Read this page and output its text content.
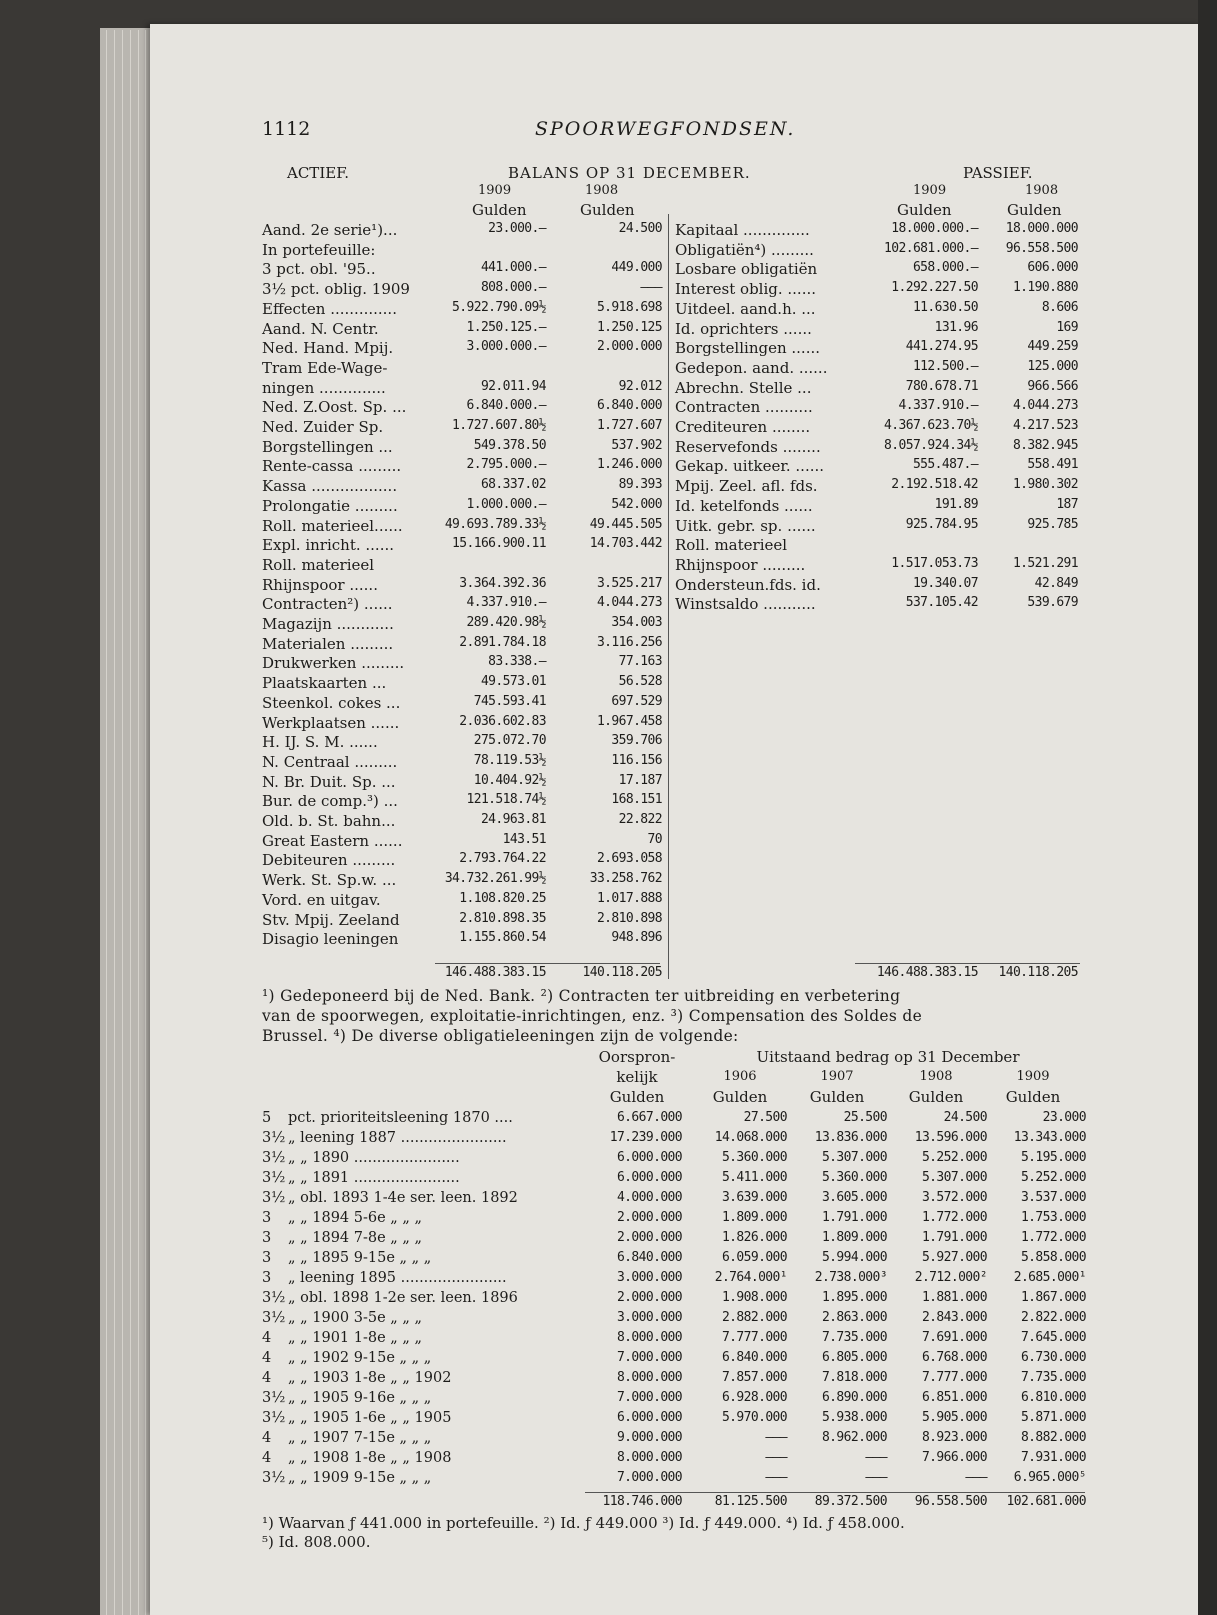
1112	SPOORWEGFONDSEN.
ACTIEF.	BALANS OP 31 DECEMBER.	PASSIEF.
1909	1908	1909	1908
Gulden	Gulden	Gulden	Gulden
Aand. 2e serie¹)...	23.000.—	24.500
In portefeuille:
3 pct. obl. '95..	441.000.—	449.000
3½ pct. oblig. 1909	808.000.—	———
Effecten ..............	5.922.790.09½	5.918.698
Aand. N. Centr.	1.250.125.—	1.250.125
Ned. Hand. Mpij.	3.000.000.—	2.000.000
Tram Ede-Wage-
ningen ..............	92.011.94	92.012
Ned. Z.Oost. Sp. ...	6.840.000.—	6.840.000
Ned. Zuider Sp.	1.727.607.80½	1.727.607
Borgstellingen ...	549.378.50	537.902
Rente-cassa .........	2.795.000.—	1.246.000
Kassa ..................	68.337.02	89.393
Prolongatie .........	1.000.000.—	542.000
Roll. materieel......	49.693.789.33½	49.445.505
Expl. inricht. ......	15.166.900.11	14.703.442
Roll. materieel
Rhijnspoor ......	3.364.392.36	3.525.217
Contracten²) ......	4.337.910.—	4.044.273
Magazijn ............	289.420.98½	354.003
Materialen .........	2.891.784.18	3.116.256
Drukwerken .........	83.338.—	77.163
Plaatskaarten ...	49.573.01	56.528
Steenkol. cokes ...	745.593.41	697.529
Werkplaatsen ......	2.036.602.83	1.967.458
H. IJ. S. M. ......	275.072.70	359.706
N. Centraal .........	78.119.53½	116.156
N. Br. Duit. Sp. ...	10.404.92½	17.187
Bur. de comp.³) ...	121.518.74½	168.151
Old. b. St. bahn...	24.963.81	22.822
Great Eastern ......	143.51	70
Debiteuren .........	2.793.764.22	2.693.058
Werk. St. Sp.w. ...	34.732.261.99½	33.258.762
Vord. en uitgav.	1.108.820.25	1.017.888
Stv. Mpij. Zeeland	2.810.898.35	2.810.898
Disagio leeningen	1.155.860.54	948.896
Kapitaal ..............	18.000.000.—	18.000.000
Obligatiën⁴) .........	102.681.000.—	96.558.500
Losbare obligatiën	658.000.—	606.000
Interest oblig. ......	1.292.227.50	1.190.880
Uitdeel. aand.h. ...	11.630.50	8.606
Id. oprichters ......	131.96	169
Borgstellingen ......	441.274.95	449.259
Gedepon. aand. ......	112.500.—	125.000
Abrechn. Stelle ...	780.678.71	966.566
Contracten ..........	4.337.910.—	4.044.273
Crediteuren ........	4.367.623.70½	4.217.523
Reservefonds ........	8.057.924.34½	8.382.945
Gekap. uitkeer. ......	555.487.—	558.491
Mpij. Zeel. afl. fds.	2.192.518.42	1.980.302
Id. ketelfonds ......	191.89	187
Uitk. gebr. sp. ......	925.784.95	925.785
Roll. materieel
Rhijnspoor .........	1.517.053.73	1.521.291
Ondersteun.fds. id.	19.340.07	42.849
Winstsaldo ...........	537.105.42	539.679
146.488.383.15	140.118.205	146.488.383.15	140.118.205
¹) Gedeponeerd bij de Ned. Bank. ²) Contracten ter uitbreiding en verbetering
van de spoorwegen, exploitatie-inrichtingen, enz. ³) Compensation des Soldes de
Brussel. ⁴) De diverse obligatieleeningen zijn de volgende:
Oorspron-
kelijk
Uitstaand bedrag op 31 December
1906	1907	1908	1909
Gulden	Gulden	Gulden	Gulden	Gulden
5 pct. prioriteitsleening 1870 ....	6.667.000	27.500	25.500	24.500	23.000
3½ „ leening 1887 .......................	17.239.000	14.068.000	13.836.000	13.596.000	13.343.000
3½ „ „ 1890 .......................	6.000.000	5.360.000	5.307.000	5.252.000	5.195.000
3½ „ „ 1891 .......................	6.000.000	5.411.000	5.360.000	5.307.000	5.252.000
3½ „ obl. 1893 1-4e ser. leen. 1892	4.000.000	3.639.000	3.605.000	3.572.000	3.537.000
3 „ „ 1894 5-6e „ „ „	2.000.000	1.809.000	1.791.000	1.772.000	1.753.000
3 „ „ 1894 7-8e „ „ „	2.000.000	1.826.000	1.809.000	1.791.000	1.772.000
3 „ „ 1895 9-15e „ „ „	6.840.000	6.059.000	5.994.000	5.927.000	5.858.000
3 „ leening 1895 .......................	3.000.000	2.764.000¹	2.738.000³	2.712.000²	2.685.000¹
3½ „ obl. 1898 1-2e ser. leen. 1896	2.000.000	1.908.000	1.895.000	1.881.000	1.867.000
3½ „ „ 1900 3-5e „ „ „	3.000.000	2.882.000	2.863.000	2.843.000	2.822.000
4 „ „ 1901 1-8e „ „ „	8.000.000	7.777.000	7.735.000	7.691.000	7.645.000
4 „ „ 1902 9-15e „ „ „	7.000.000	6.840.000	6.805.000	6.768.000	6.730.000
4 „ „ 1903 1-8e „ „ 1902	8.000.000	7.857.000	7.818.000	7.777.000	7.735.000
3½ „ „ 1905 9-16e „ „ „	7.000.000	6.928.000	6.890.000	6.851.000	6.810.000
3½ „ „ 1905 1-6e „ „ 1905	6.000.000	5.970.000	5.938.000	5.905.000	5.871.000
4 „ „ 1907 7-15e „ „ „	9.000.000	———	8.962.000	8.923.000	8.882.000
4 „ „ 1908 1-8e „ „ 1908	8.000.000	———	———	7.966.000	7.931.000
3½ „ „ 1909 9-15e „ „ „	7.000.000	———	———	———	6.965.000⁵
118.746.000	81.125.500	89.372.500	96.558.500	102.681.000
¹) Waarvan ƒ 441.000 in portefeuille. ²) Id. ƒ 449.000 ³) Id. ƒ 449.000. ⁴) Id. ƒ 458.000.
⁵) Id. 808.000.
